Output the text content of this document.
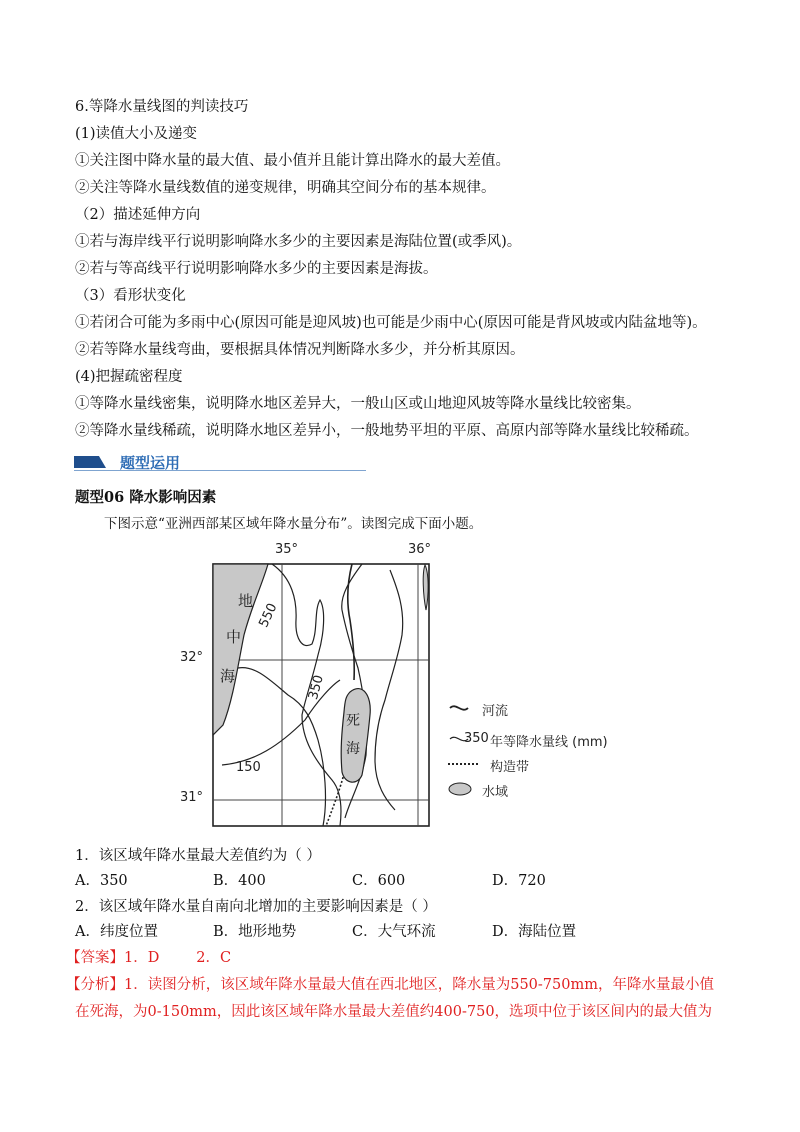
6.等降水量线图的判读技巧
(1)读值大小及递变
①关注图中降水量的最大值、最小值并且能计算出降水的最大差值。
②关注等降水量线数值的递变规律，明确其空间分布的基本规律。
（2）描述延伸方向
①若与海岸线平行说明影响降水多少的主要因素是海陆位置(或季风)。
②若与等高线平行说明影响降水多少的主要因素是海拔。
（3）看形状变化
①若闭合可能为多雨中心(原因可能是迎风坡)也可能是少雨中心(原因可能是背风坡或内陆盆地等)。
②若等降水量线弯曲，要根据具体情况判断降水多少，并分析其原因。
(4)把握疏密程度
①等降水量线密集，说明降水地区差异大，一般山区或山地迎风坡等降水量线比较密集。
②等降水量线稀疏，说明降水地区差异小，一般地势平坦的平原、高原内部等降水量线比较稀疏。
题型运用
题型06 降水影响因素
下图示意“亚洲西部某区域年降水量分布”。读图完成下面小题。
35°	36°
32°
31°
地
中
海
死
海
550
350
150
河流
350 年等降水量线 (mm)
构造带
水域
1．该区域年降水量最大差值约为（ ）
A．350	B．400	C．600	D．720
2．该区域年降水量自南向北增加的主要影响因素是（ ）
A．纬度位置	B．地形地势	C．大气环流	D．海陆位置
【答案】1．D        2．C
【分析】1．读图分析，该区域年降水量最大值在西北地区，降水量为550-750mm，年降水量最小值
在死海，为0-150mm，因此该区域年降水量最大差值约400-750，选项中位于该区间内的最大值为
